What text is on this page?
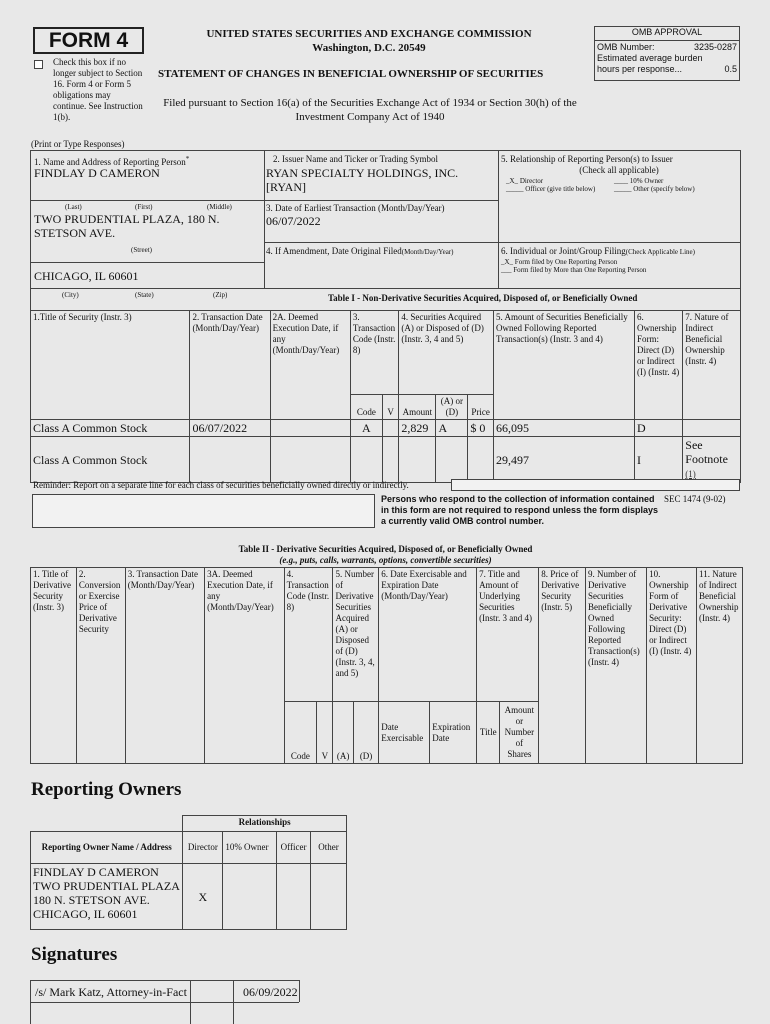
FORM 4
Check this box if no longer subject to Section 16. Form 4 or Form 5 obligations may continue. See Instruction 1(b).
UNITED STATES SECURITIES AND EXCHANGE COMMISSION
Washington, D.C. 20549
STATEMENT OF CHANGES IN BENEFICIAL OWNERSHIP OF SECURITIES
Filed pursuant to Section 16(a) of the Securities Exchange Act of 1934 or Section 30(h) of the Investment Company Act of 1940
OMB APPROVAL
OMB Number:	3235-0287
Estimated average burden
hours per response...	0.5
(Print or Type Responses)
1. Name and Address of Reporting Person*
FINDLAY D CAMERON
(Last)	(First)	(Middle)
TWO PRUDENTIAL PLAZA, 180 N. STETSON AVE.
(Street)
CHICAGO, IL 60601
(City)	(State)	(Zip)
2. Issuer Name and Ticker or Trading Symbol
RYAN SPECIALTY HOLDINGS, INC. [RYAN]
3. Date of Earliest Transaction (Month/Day/Year)
06/07/2022
4. If Amendment, Date Original Filed(Month/Day/Year)
5. Relationship of Reporting Person(s) to Issuer
(Check all applicable)
_X_ Director	____ 10% Owner
_____ Officer (give title below)	_____ Other (specify below)
6. Individual or Joint/Group Filing(Check Applicable Line)
_X_ Form filed by One Reporting Person
___ Form filed by More than One Reporting Person
Table I - Non-Derivative Securities Acquired, Disposed of, or Beneficially Owned
1.Title of Security (Instr. 3)	2. Transaction Date (Month/Day/Year)	2A. Deemed Execution Date, if any (Month/Day/Year)	3. Transaction Code (Instr. 8)		4. Securities Acquired (A) or Disposed of (D) (Instr. 3, 4 and 5)			5. Amount of Securities Beneficially Owned Following Reported Transaction(s) (Instr. 3 and 4)	6. Ownership Form: Direct (D) or Indirect (I) (Instr. 4)	7. Nature of Indirect Beneficial Ownership (Instr. 4)
			Code	V	Amount	(A) or (D)	Price			
Class A Common Stock	06/07/2022		A		2,829	A	$ 0	66,095	D	
Class A Common Stock								29,497	I	See Footnote
(1)
Reminder: Report on a separate line for each class of securities beneficially owned directly or indirectly.
Persons who respond to the collection of information contained in this form are not required to respond unless the form displays a currently valid OMB control number.
SEC 1474 (9-02)
Table II - Derivative Securities Acquired, Disposed of, or Beneficially Owned
(e.g., puts, calls, warrants, options, convertible securities)
1. Title of Derivative Security (Instr. 3)	2. Conversion or Exercise Price of Derivative Security	3. Transaction Date (Month/Day/Year)	3A. Deemed Execution Date, if any (Month/Day/Year)	4. Transaction Code (Instr. 8)		5. Number of Derivative Securities Acquired (A) or Disposed of (D) (Instr. 3, 4, and 5)		6. Date Exercisable and Expiration Date (Month/Day/Year)		7. Title and Amount of Underlying Securities (Instr. 3 and 4)		8. Price of Derivative Security (Instr. 5)	9. Number of Derivative Securities Beneficially Owned Following Reported Transaction(s) (Instr. 4)	10. Ownership Form of Derivative Security: Direct (D) or Indirect (I) (Instr. 4)	11. Nature of Indirect Beneficial Ownership (Instr. 4)
				Code	V	(A)	(D)	Date Exercisable	Expiration Date	Title	Amount or Number of Shares				
Reporting Owners
	Relationships			
Reporting Owner Name / Address	Director	10% Owner	Officer	Other
FINDLAY D CAMERON
TWO PRUDENTIAL PLAZA
180 N. STETSON AVE.
CHICAGO, IL 60601	X			
Signatures
/s/ Mark Katz, Attorney-in-Fact	06/09/2022
